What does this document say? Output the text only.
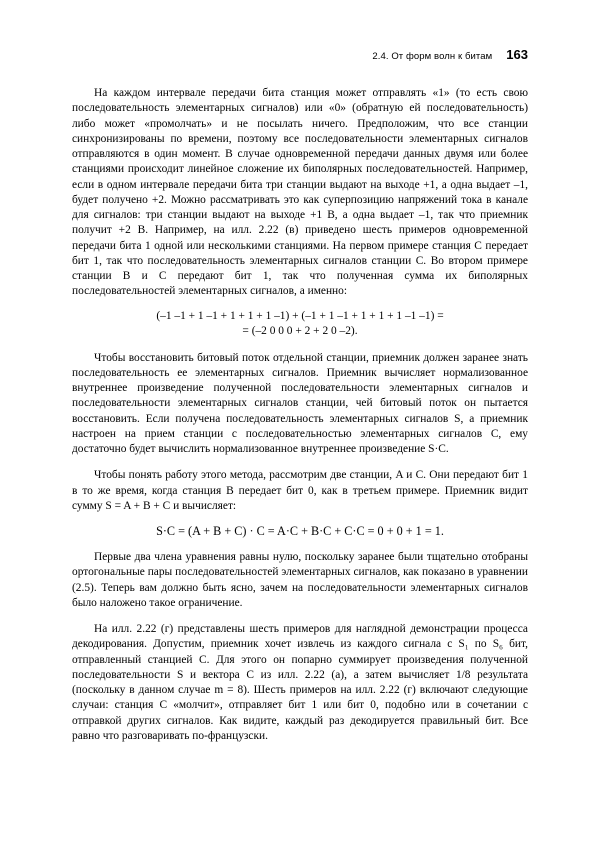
2.4. От форм волн к битам 163

На каждом интервале передачи бита станция может отправлять «1» (то есть свою последовательность элементарных сигналов) или «0» (обратную ей последовательность) либо может «промолчать» и не посылать ничего. Предположим, что все станции синхронизированы по времени, поэтому все последовательности элементарных сигналов отправляются в один момент. В случае одновременной передачи данных двумя или более станциями происходит линейное сложение их биполярных последовательностей. Например, если в одном интервале передачи бита три станции выдают на выходе +1, а одна выдает –1, будет получено +2. Можно рассматривать это как суперпозицию напряжений тока в канале для сигналов: три станции выдают на выходе +1 В, а одна выдает –1, так что приемник получит +2 В. Например, на илл. 2.22 (в) приведено шесть примеров одновременной передачи бита 1 одной или несколькими станциями. На первом примере станция C передает бит 1, так что последовательность элементарных сигналов станции C. Во втором примере станции B и C передают бит 1, так что полученная сумма их биполярных последовательностей элементарных сигналов, а именно:

(–1 –1 + 1 –1 + 1 + 1 + 1 –1) + (–1 + 1 –1 + 1 + 1 + 1 –1 –1) =
= (–2 0 0 0 + 2 + 2 0 –2).

Чтобы восстановить битовый поток отдельной станции, приемник должен заранее знать последовательность ее элементарных сигналов. Приемник вычисляет нормализованное внутреннее произведение полученной последовательности элементарных сигналов и последовательности элементарных сигналов станции, чей битовый поток он пытается восстановить. Если получена последовательность элементарных сигналов S, а приемник настроен на прием станции с последовательностью элементарных сигналов C, ему достаточно будет вычислить нормализованное внутреннее произведение S·C.

Чтобы понять работу этого метода, рассмотрим две станции, A и C. Они передают бит 1 в то же время, когда станция B передает бит 0, как в третьем примере. Приемник видит сумму S = A + B + C и вычисляет:

S·C = (A + B + C) · C = A·C + B·C + C·C = 0 + 0 + 1 = 1.

Первые два члена уравнения равны нулю, поскольку заранее были тщательно отобраны ортогональные пары последовательностей элементарных сигналов, как показано в уравнении (2.5). Теперь вам должно быть ясно, зачем на последовательности элементарных сигналов было наложено такое ограничение.

На илл. 2.22 (г) представлены шесть примеров для наглядной демонстрации процесса декодирования. Допустим, приемник хочет извлечь из каждого сигнала с S₁ по S₆ бит, отправленный станцией C. Для этого он попарно суммирует произведения полученной последовательности S и вектора C из илл. 2.22 (а), а затем вычисляет 1/8 результата (поскольку в данном случае m = 8). Шесть примеров на илл. 2.22 (г) включают следующие случаи: станция C «молчит», отправляет бит 1 или бит 0, подобно или в сочетании с отправкой других сигналов. Как видите, каждый раз декодируется правильный бит. Все равно что разговаривать по-французски.
